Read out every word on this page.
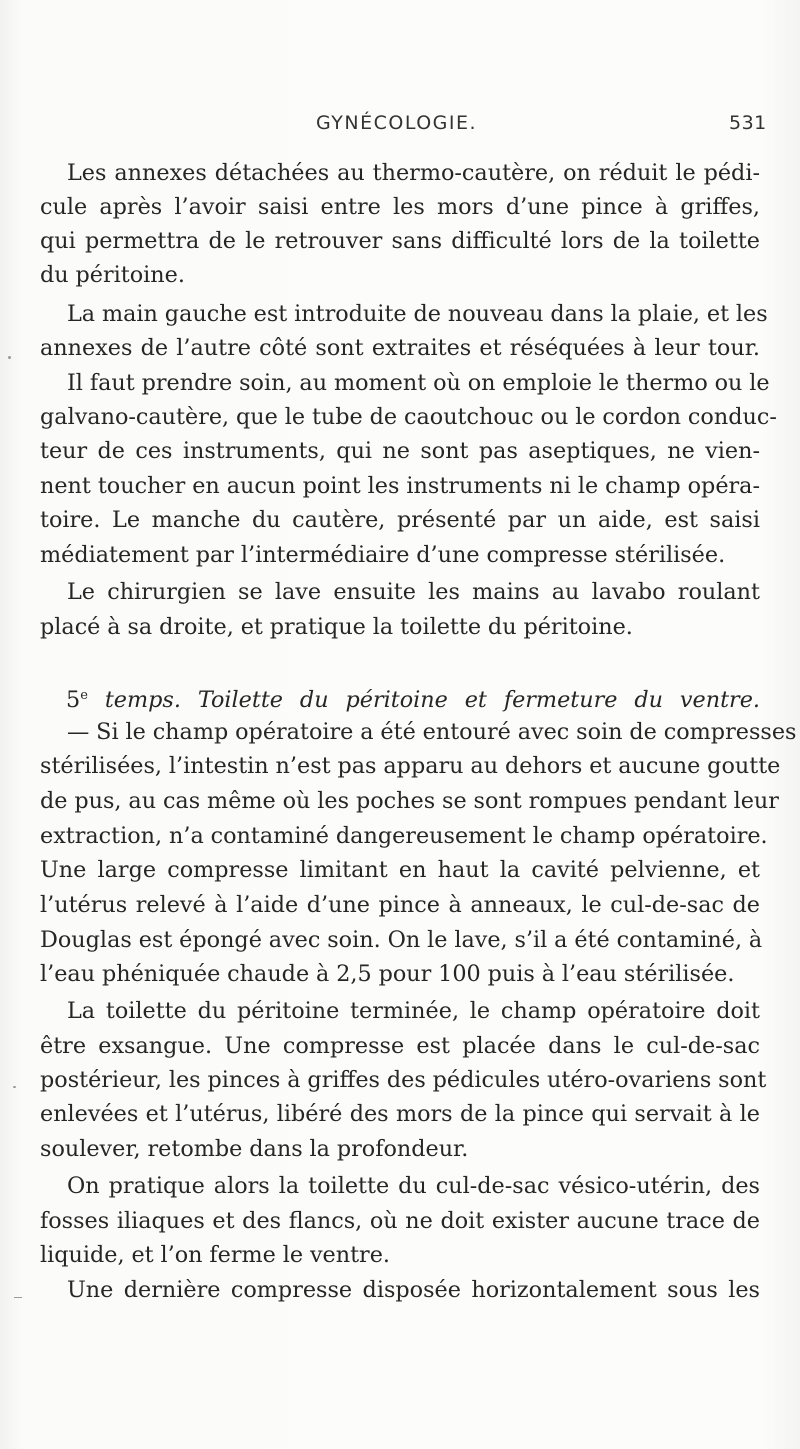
GYNÉCOLOGIE.	531
Les annexes détachées au thermo-cautère, on réduit le pédi-
cule après l’avoir saisi entre les mors d’une pince à griffes,
qui permettra de le retrouver sans difficulté lors de la toilette
du péritoine.
La main gauche est introduite de nouveau dans la plaie, et les
annexes de l’autre côté sont extraites et réséquées à leur tour.
Il faut prendre soin, au moment où on emploie le thermo ou le
galvano-cautère, que le tube de caoutchouc ou le cordon conduc-
teur de ces instruments, qui ne sont pas aseptiques, ne vien-
nent toucher en aucun point les instruments ni le champ opéra-
toire. Le manche du cautère, présenté par un aide, est saisi
médiatement par l’intermédiaire d’une compresse stérilisée.
Le chirurgien se lave ensuite les mains au lavabo roulant
placé à sa droite, et pratique la toilette du péritoine.
5e temps. Toilette du péritoine et fermeture du ventre.
— Si le champ opératoire a été entouré avec soin de compresses
stérilisées, l’intestin n’est pas apparu au dehors et aucune goutte
de pus, au cas même où les poches se sont rompues pendant leur
extraction, n’a contaminé dangereusement le champ opératoire.
Une large compresse limitant en haut la cavité pelvienne, et
l’utérus relevé à l’aide d’une pince à anneaux, le cul-de-sac de
Douglas est épongé avec soin. On le lave, s’il a été contaminé, à
l’eau phéniquée chaude à 2,5 pour 100 puis à l’eau stérilisée.
La toilette du péritoine terminée, le champ opératoire doit
être exsangue. Une compresse est placée dans le cul-de-sac
postérieur, les pinces à griffes des pédicules utéro-ovariens sont
enlevées et l’utérus, libéré des mors de la pince qui servait à le
soulever, retombe dans la profondeur.
On pratique alors la toilette du cul-de-sac vésico-utérin, des
fosses iliaques et des flancs, où ne doit exister aucune trace de
liquide, et l’on ferme le ventre.
Une dernière compresse disposée horizontalement sous les
